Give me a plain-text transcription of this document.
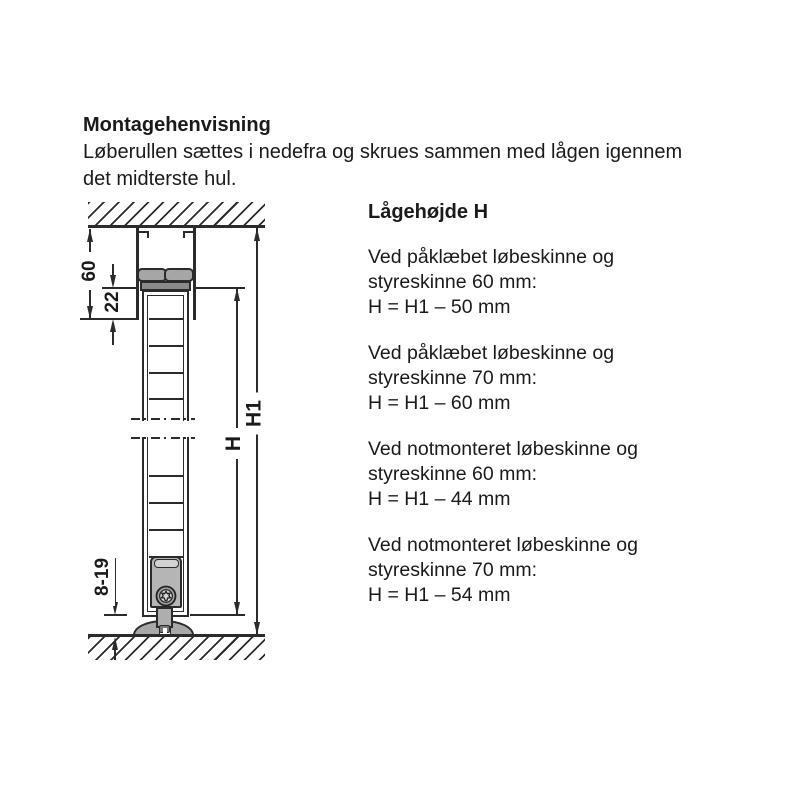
Montagehenvisning
Løberullen sættes i nedefra og skrues sammen med lågen igennem
det midterste hul.
Lågehøjde H

Ved påklæbet løbeskinne og
styreskinne 60 mm:
H = H1 – 50 mm

Ved påklæbet løbeskinne og
styreskinne 70 mm:
H = H1 – 60 mm

Ved notmonteret løbeskinne og
styreskinne 60 mm:
H = H1 – 44 mm

Ved notmonteret løbeskinne og
styreskinne 70 mm:
H = H1 – 54 mm

60
22
8-19
H
H1
